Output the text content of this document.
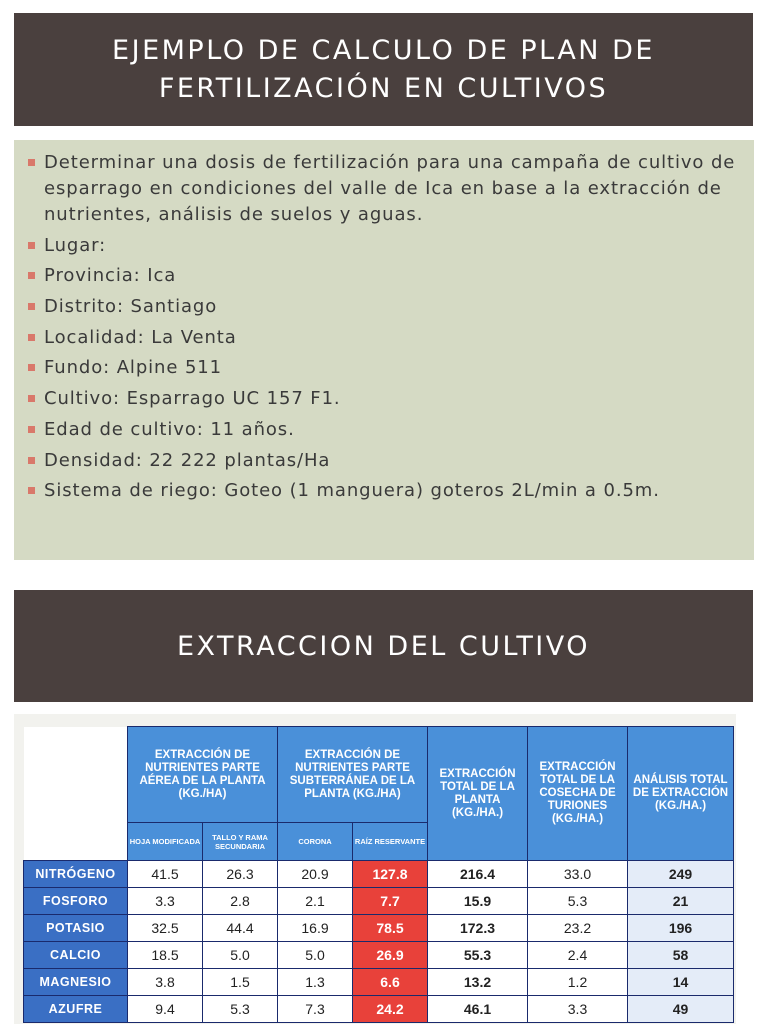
EJEMPLO DE CALCULO DE PLAN DE
FERTILIZACIÓN EN CULTIVOS
Determinar una dosis de fertilización para una campaña de cultivo de esparrago en condiciones del valle de Ica en base a la extracción de nutrientes, análisis de suelos y aguas.
Lugar:
Provincia: Ica
Distrito: Santiago
Localidad: La Venta
Fundo: Alpine 511
Cultivo: Esparrago UC 157 F1.
Edad de cultivo: 11 años.
Densidad: 22 222 plantas/Ha
Sistema de riego: Goteo (1 manguera) goteros 2L/min a 0.5m.
EXTRACCION DEL CULTIVO
	EXTRACCIÓN DE NUTRIENTES PARTE AÉREA DE LA PLANTA (KG./HA)		EXTRACCIÓN DE NUTRIENTES PARTE SUBTERRÁNEA DE LA PLANTA (KG./HA)		EXTRACCIÓN TOTAL DE LA PLANTA (KG./HA.)	EXTRACCIÓN TOTAL DE LA COSECHA DE TURIONES (KG./HA.)	ANÁLISIS TOTAL DE EXTRACCIÓN (KG./HA.)
	HOJA MODIFICADA	TALLO Y RAMA SECUNDARIA	CORONA	RAÍZ RESERVANTE			
NITRÓGENO	41.5	26.3	20.9	127.8	216.4	33.0	249
FOSFORO	3.3	2.8	2.1	7.7	15.9	5.3	21
POTASIO	32.5	44.4	16.9	78.5	172.3	23.2	196
CALCIO	18.5	5.0	5.0	26.9	55.3	2.4	58
MAGNESIO	3.8	1.5	1.3	6.6	13.2	1.2	14
AZUFRE	9.4	5.3	7.3	24.2	46.1	3.3	49
